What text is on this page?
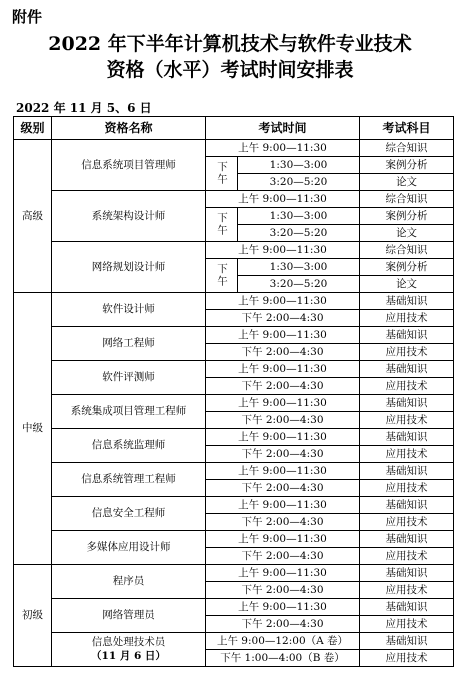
附件
2022 年下半年计算机技术与软件专业技术
资格（水平）考试时间安排表
2022 年 11 月 5、6 日
级别	资格名称	考试时间		考试科目
高级	信息系统项目管理师	上午 9:00—11:30		综合知识
		下午	1:30—3:00	案例分析
			3:20—5:20	论文
	系统架构设计师	上午 9:00—11:30		综合知识
		下午	1:30—3:00	案例分析
			3:20—5:20	论文
	网络规划设计师	上午 9:00—11:30		综合知识
		下午	1:30—3:00	案例分析
			3:20—5:20	论文
中级	软件设计师	上午 9:00—11:30		基础知识
		下午 2:00—4:30		应用技术
	网络工程师	上午 9:00—11:30		基础知识
		下午 2:00—4:30		应用技术
	软件评测师	上午 9:00—11:30		基础知识
		下午 2:00—4:30		应用技术
	系统集成项目管理工程师	上午 9:00—11:30		基础知识
		下午 2:00—4:30		应用技术
	信息系统监理师	上午 9:00—11:30		基础知识
		下午 2:00—4:30		应用技术
	信息系统管理工程师	上午 9:00—11:30		基础知识
		下午 2:00—4:30		应用技术
	信息安全工程师	上午 9:00—11:30		基础知识
		下午 2:00—4:30		应用技术
	多媒体应用设计师	上午 9:00—11:30		基础知识
		下午 2:00—4:30		应用技术
初级	程序员	上午 9:00—11:30		基础知识
		下午 2:00—4:30		应用技术

	网络管理员	上午 9:00—11:30		基础知识
		下午 2:00—4:30		应用技术

	信息处理技术员
（11 月 6 日）	上午 9:00—12:00（A 卷）		基础知识
		下午 1:00—4:00（B 卷）		应用技术
